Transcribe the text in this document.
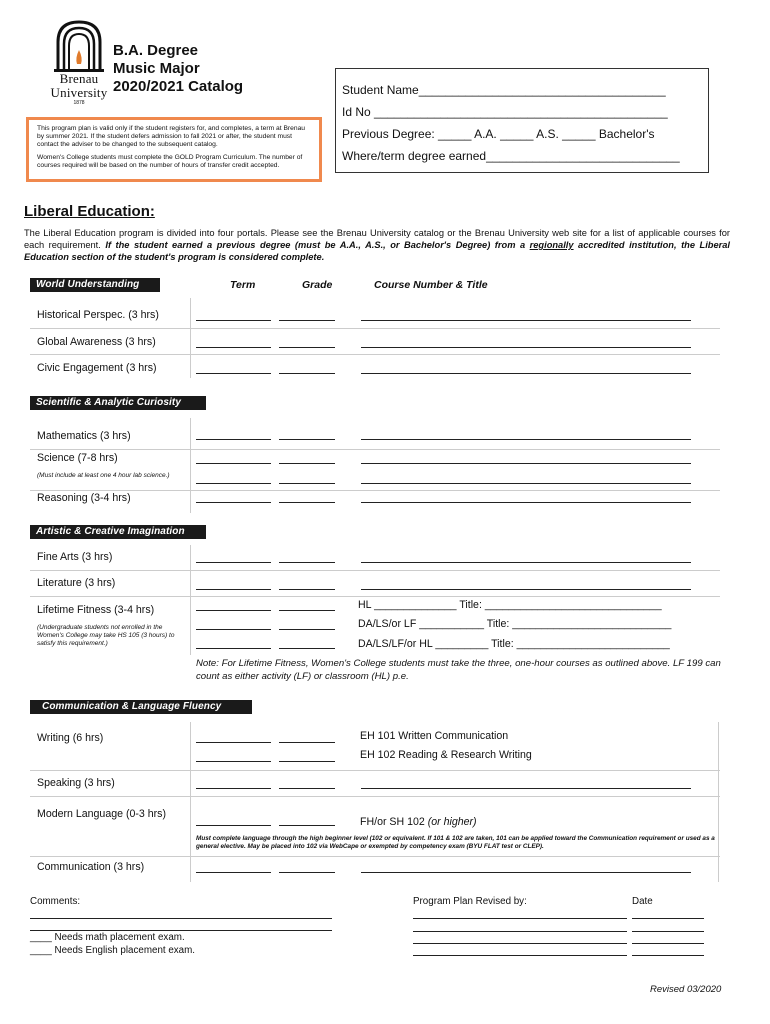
Brenau
University
1878
B.A. Degree
Music Major
2020/2021 Catalog

This program plan is valid only if the student registers for, and completes, a term at Brenau by summer 2021. If the student defers admission to fall 2021 or after, the student must contact the adviser to be changed to the subsequent catalog.

Women's College students must complete the GOLD Program Curriculum. The number of courses required will be based on the number of hours of transfer credit accepted.

Student Name_____________________________________
Id No ____________________________________________
Previous Degree: _____ A.A. _____ A.S. _____ Bachelor's
Where/term degree earned_____________________________
Liberal Education:
The Liberal Education program is divided into four portals. Please see the Brenau University catalog or the Brenau University web site for a list of applicable courses for each requirement. If the student earned a previous degree (must be A.A., A.S., or Bachelor's Degree) from a regionally accredited institution, the Liberal Education section of the student's program is considered complete.
World Understanding	Term	Grade	Course Number & Title
Historical Perspec. (3 hrs)
Global Awareness (3 hrs)
Civic Engagement (3 hrs)
Scientific & Analytic Curiosity
Mathematics (3 hrs)
Science (7-8 hrs)
(Must include at least one 4 hour lab science.)
Reasoning (3-4 hrs)
Artistic & Creative Imagination
Fine Arts (3 hrs)
Literature (3 hrs)
Lifetime Fitness (3-4 hrs)
(Undergraduate students not enrolled in the Women's College may take HS 105 (3 hours) to satisfy this requirement.)
HL ______________ Title: ______________________________
DA/LS/or LF ___________ Title: ___________________________
DA/LS/LF/or HL _________ Title: __________________________
Note: For Lifetime Fitness, Women's College students must take the three, one-hour courses as outlined above. LF 199 can count as either activity (LF) or classroom (HL) p.e.
Communication & Language Fluency
Writing (6 hrs)	EH 101 Written Communication
EH 102 Reading & Research Writing
Speaking (3 hrs)
Modern Language (0-3 hrs)
FH/or SH 102 (or higher)
Must complete language through the high beginner level (102 or equivalent. If 101 & 102 are taken, 101 can be applied toward the Communication requirement or used as a general elective. May be placed into 102 via WebCape or exempted by competency exam (BYU FLAT test or CLEP).
Communication (3 hrs)
Comments:
____ Needs math placement exam.
____ Needs English placement exam.
Program Plan Revised by:	Date
Revised 03/2020
